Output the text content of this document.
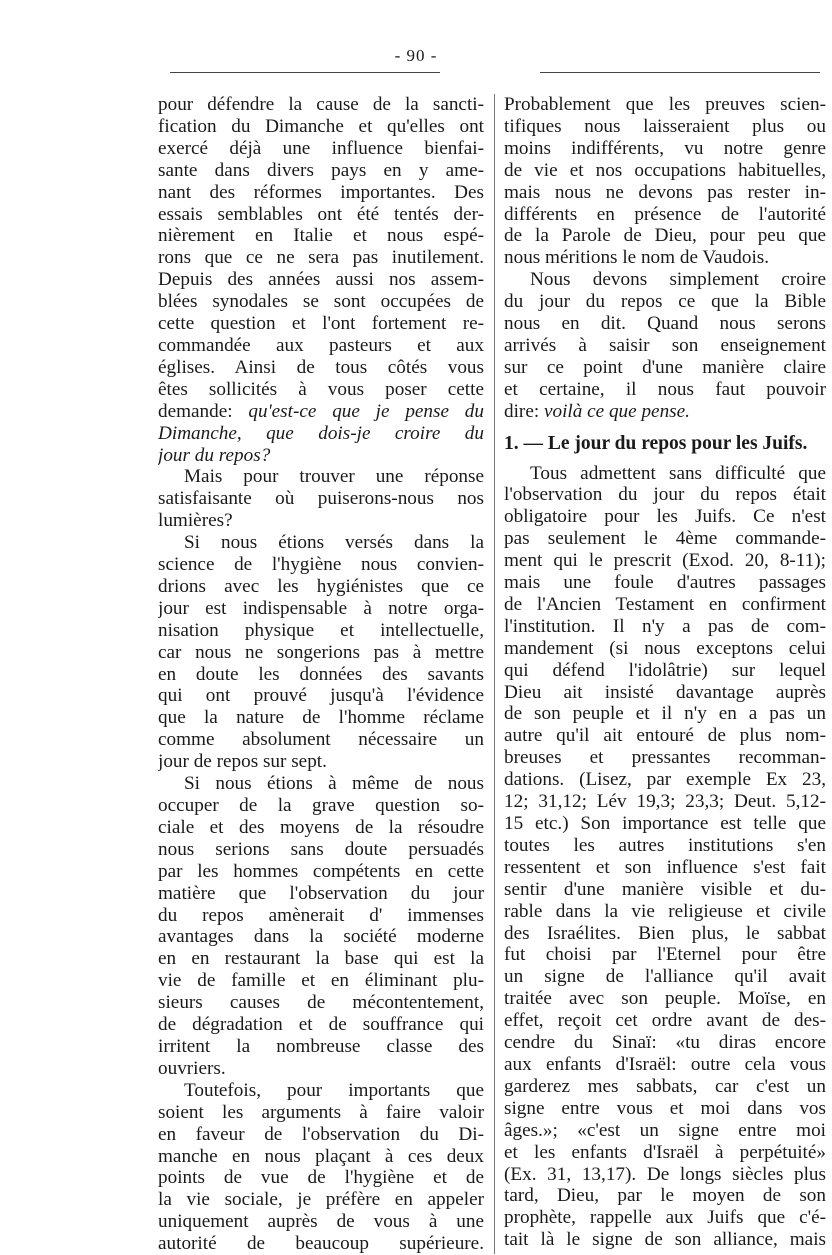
- 90 -
pour défendre la cause de la sancti-
fication du Dimanche et qu'elles ont
exercé déjà une influence bienfai-
sante dans divers pays en y ame-
nant des réformes importantes. Des
essais semblables ont été tentés der-
nièrement en Italie et nous espé-
rons que ce ne sera pas inutilement.
Depuis des années aussi nos assem-
blées synodales se sont occupées de
cette question et l'ont fortement re-
commandée aux pasteurs et aux
églises. Ainsi de tous côtés vous
êtes sollicités à vous poser cette
demande: qu'est-ce que je pense du
Dimanche, que dois-je croire du
jour du repos?
Mais pour trouver une réponse
satisfaisante où puiserons-nous nos
lumières?
Si nous étions versés dans la
science de l'hygiène nous convien-
drions avec les hygiénistes que ce
jour est indispensable à notre orga-
nisation physique et intellectuelle,
car nous ne songerions pas à mettre
en doute les données des savants
qui ont prouvé jusqu'à l'évidence
que la nature de l'homme réclame
comme absolument nécessaire un
jour de repos sur sept.
Si nous étions à même de nous
occuper de la grave question so-
ciale et des moyens de la résoudre
nous serions sans doute persuadés
par les hommes compétents en cette
matière que l'observation du jour
du repos amènerait d' immenses
avantages dans la société moderne
en en restaurant la base qui est la
vie de famille et en éliminant plu-
sieurs causes de mécontentement,
de dégradation et de souffrance qui
irritent la nombreuse classe des
ouvriers.
Toutefois, pour importants que
soient les arguments à faire valoir
en faveur de l'observation du Di-
manche en nous plaçant à ces deux
points de vue de l'hygiène et de
la vie sociale, je préfère en appeler
uniquement auprès de vous à une
autorité de beaucoup supérieure.
Probablement que les preuves scien-
tifiques nous laisseraient plus ou
moins indifférents, vu notre genre
de vie et nos occupations habituelles,
mais nous ne devons pas rester in-
différents en présence de l'autorité
de la Parole de Dieu, pour peu que
nous méritions le nom de Vaudois.
Nous devons simplement croire
du jour du repos ce que la Bible
nous en dit. Quand nous serons
arrivés à saisir son enseignement
sur ce point d'une manière claire
et certaine, il nous faut pouvoir
dire: voilà ce que pense.
1. — Le jour du repos pour les Juifs.
Tous admettent sans difficulté que
l'observation du jour du repos était
obligatoire pour les Juifs. Ce n'est
pas seulement le 4ème commande-
ment qui le prescrit (Exod. 20, 8-11);
mais une foule d'autres passages
de l'Ancien Testament en confirment
l'institution. Il n'y a pas de com-
mandement (si nous exceptons celui
qui défend l'idolâtrie) sur lequel
Dieu ait insisté davantage auprès
de son peuple et il n'y en a pas un
autre qu'il ait entouré de plus nom-
breuses et pressantes recomman-
dations. (Lisez, par exemple Ex 23,
12; 31,12; Lév 19,3; 23,3; Deut. 5,12-
15 etc.) Son importance est telle que
toutes les autres institutions s'en
ressentent et son influence s'est fait
sentir d'une manière visible et du-
rable dans la vie religieuse et civile
des Israélites. Bien plus, le sabbat
fut choisi par l'Eternel pour être
un signe de l'alliance qu'il avait
traitée avec son peuple. Moïse, en
effet, reçoit cet ordre avant de des-
cendre du Sinaï: «tu diras encore
aux enfants d'Israël: outre cela vous
garderez mes sabbats, car c'est un
signe entre vous et moi dans vos
âges.»; «c'est un signe entre moi
et les enfants d'Israël à perpétuité»
(Ex. 31, 13,17). De longs siècles plus
tard, Dieu, par le moyen de son
prophète, rappelle aux Juifs que c'é-
tait là le signe de son alliance, mais
